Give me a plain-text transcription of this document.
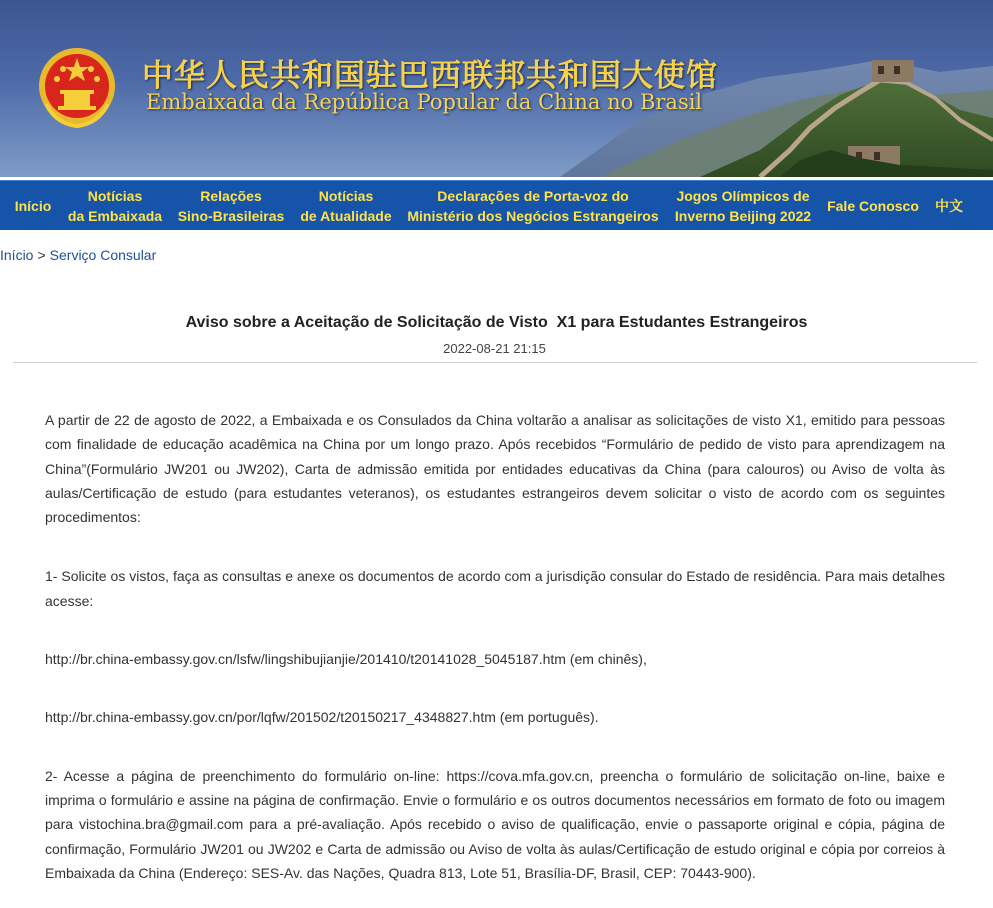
中华人民共和国驻巴西联邦共和国大使馆
Embaixada da República Popular da China no Brasil
Início
Notícias
da Embaixada
Relações
Sino-Brasileiras
Notícias
de Atualidade
Declarações de Porta-voz do
Ministério dos Negócios Estrangeiros
Jogos Olímpicos de
Inverno Beijing 2022
Fale Conosco 中文
Início > Serviço Consular
Aviso sobre a Aceitação de Solicitação de Visto  X1 para Estudantes Estrangeiros
2022-08-21 21:15

A partir de 22 de agosto de 2022, a Embaixada e os Consulados da China voltarão a analisar as solicitações de visto X1, emitido para pessoas com finalidade de educação acadêmica na China por um longo prazo. Após recebidos “Formulário de pedido de visto para aprendizagem na China”(Formulário JW201 ou JW202), Carta de admissão emitida por entidades educativas da China (para calouros) ou Aviso de volta às aulas/Certificação de estudo (para estudantes veteranos), os estudantes estrangeiros devem solicitar o visto de acordo com os seguintes procedimentos:

1- Solicite os vistos, faça as consultas e anexe os documentos de acordo com a jurisdição consular do Estado de residência. Para mais detalhes acesse:

http://br.china-embassy.gov.cn/lsfw/lingshibujianjie/201410/t20141028_5045187.htm (em chinês),

http://br.china-embassy.gov.cn/por/lqfw/201502/t20150217_4348827.htm (em português).

2- Acesse a página de preenchimento do formulário on-line: https://cova.mfa.gov.cn, preencha o formulário de solicitação on-line, baixe e imprima o formulário e assine na página de confirmação. Envie o formulário e os outros documentos necessários em formato de foto ou imagem para vistochina.bra@gmail.com para a pré-avaliação. Após recebido o aviso de qualificação, envie o passaporte original e cópia, página de confirmação, Formulário JW201 ou JW202 e Carta de admissão ou Aviso de volta às aulas/Certificação de estudo original e cópia por correios à Embaixada da China (Endereço: SES-Av. das Nações, Quadra 813, Lote 51, Brasília-DF, Brasil, CEP: 70443-900).
